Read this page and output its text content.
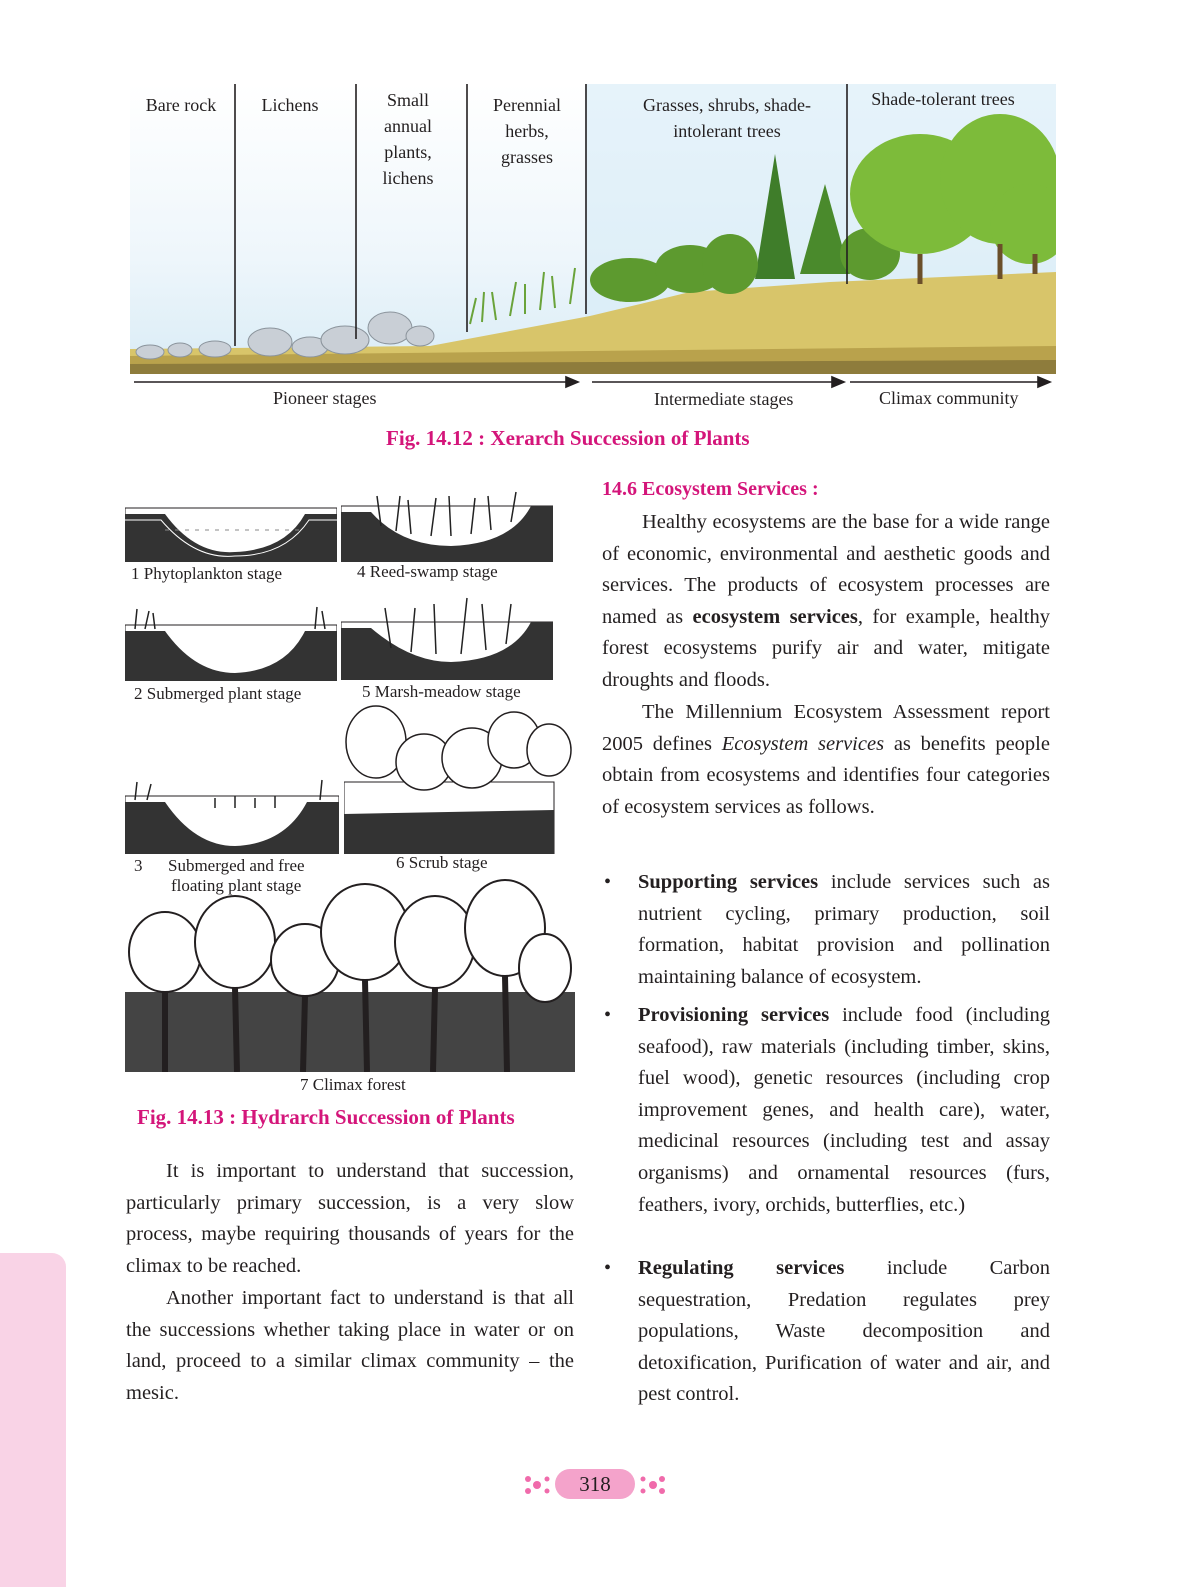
Bare rock	Lichens	Small
annual
plants,
lichens
Perennial
herbs,
grasses
Grasses, shrubs, shade-
intolerant trees
Shade-tolerant trees
Pioneer stages	Intermediate stages	Climax community
Fig. 14.12 : Xerarch Succession of Plants
1 Phytoplankton stage	4 Reed-swamp stage
2 Submerged plant stage	5 Marsh-meadow stage
3 Submerged and free
floating plant stage
6 Scrub stage
7 Climax forest
Fig. 14.13 : Hydrarch Succession of Plants

It is important to understand that succession, particularly primary succession, is a very slow process, maybe requiring thousands of years for the climax to be reached.

Another important fact to understand is that all the successions whether taking place in water or on land, proceed to a similar climax community – the mesic.

14.6 Ecosystem Services :

Healthy ecosystems are the base for a wide range of economic, environmental and aesthetic goods and services. The products of ecosystem processes are named as ecosystem services, for example, healthy forest ecosystems purify air and water, mitigate droughts and floods.

The Millennium Ecosystem Assessment report 2005 defines Ecosystem services as benefits people obtain from ecosystems and identifies four categories of ecosystem services as follows.

• Supporting services include services such as nutrient cycling, primary production, soil formation, habitat provision and pollination maintaining balance of ecosystem.

• Provisioning services include food (including seafood), raw materials (including timber, skins, fuel wood), genetic resources (including crop improvement genes, and health care), water, medicinal resources (including test and assay organisms) and ornamental resources (furs, feathers, ivory, orchids, butterflies, etc.)

• Regulating services include Carbon sequestration, Predation regulates prey populations, Waste decomposition and detoxification, Purification of water and air, and pest control.

318
